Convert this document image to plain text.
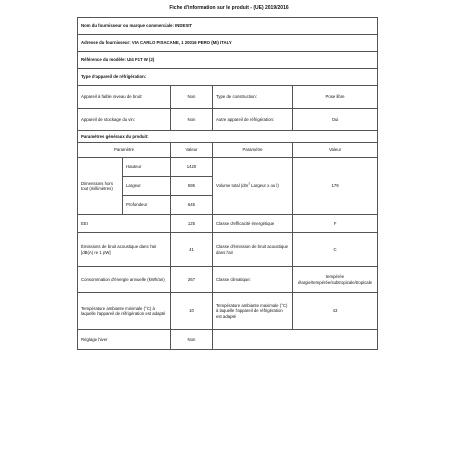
Fiche d'information sur le produit - (UE) 2019/2016
Nom du fournisseur ou marque commerciale: INDESIT				
Adresse du fournisseur: VIA CARLO PISACANE, 1 20016 PERO (MI) ITALY				
Référence du modèle: UI4 F1T W (2)				
Type d'appareil de réfrigération:				
Appareil à faible niveau de bruit:		Non	Type de construction:	Pose libre
Appareil de stockage du vin:		Non	Autre appareil de réfrigération:	Oui
Paramètres généraux du produit:				
Paramètre		Valeur	Paramètre	Valeur
Dimensions hors tout (millimètres)	Hauteur	1420	Volume total ($dm^3$ Largeur x ou l)	179
	Largeur	595		
	Profondeur	645		
EEI		125	Classe d'efficacité énergétique	F
Émissions de bruit acoustique dans l'air [dB(A) re 1 pW]		41	Classe d'émission de bruit acoustique dans l'air	C
Consommation d'énergie annuelle (kWh/an)		267	Classe climatique:	tempérée élargie/tempérée/subtropicale/tropicale
Température ambiante minimale (°C) à laquelle l'appareil de réfrigération est adapté		10	Température ambiante maximale (°C) à laquelle l'appareil de réfrigération est adapté	43
Réglage hiver		Non		
